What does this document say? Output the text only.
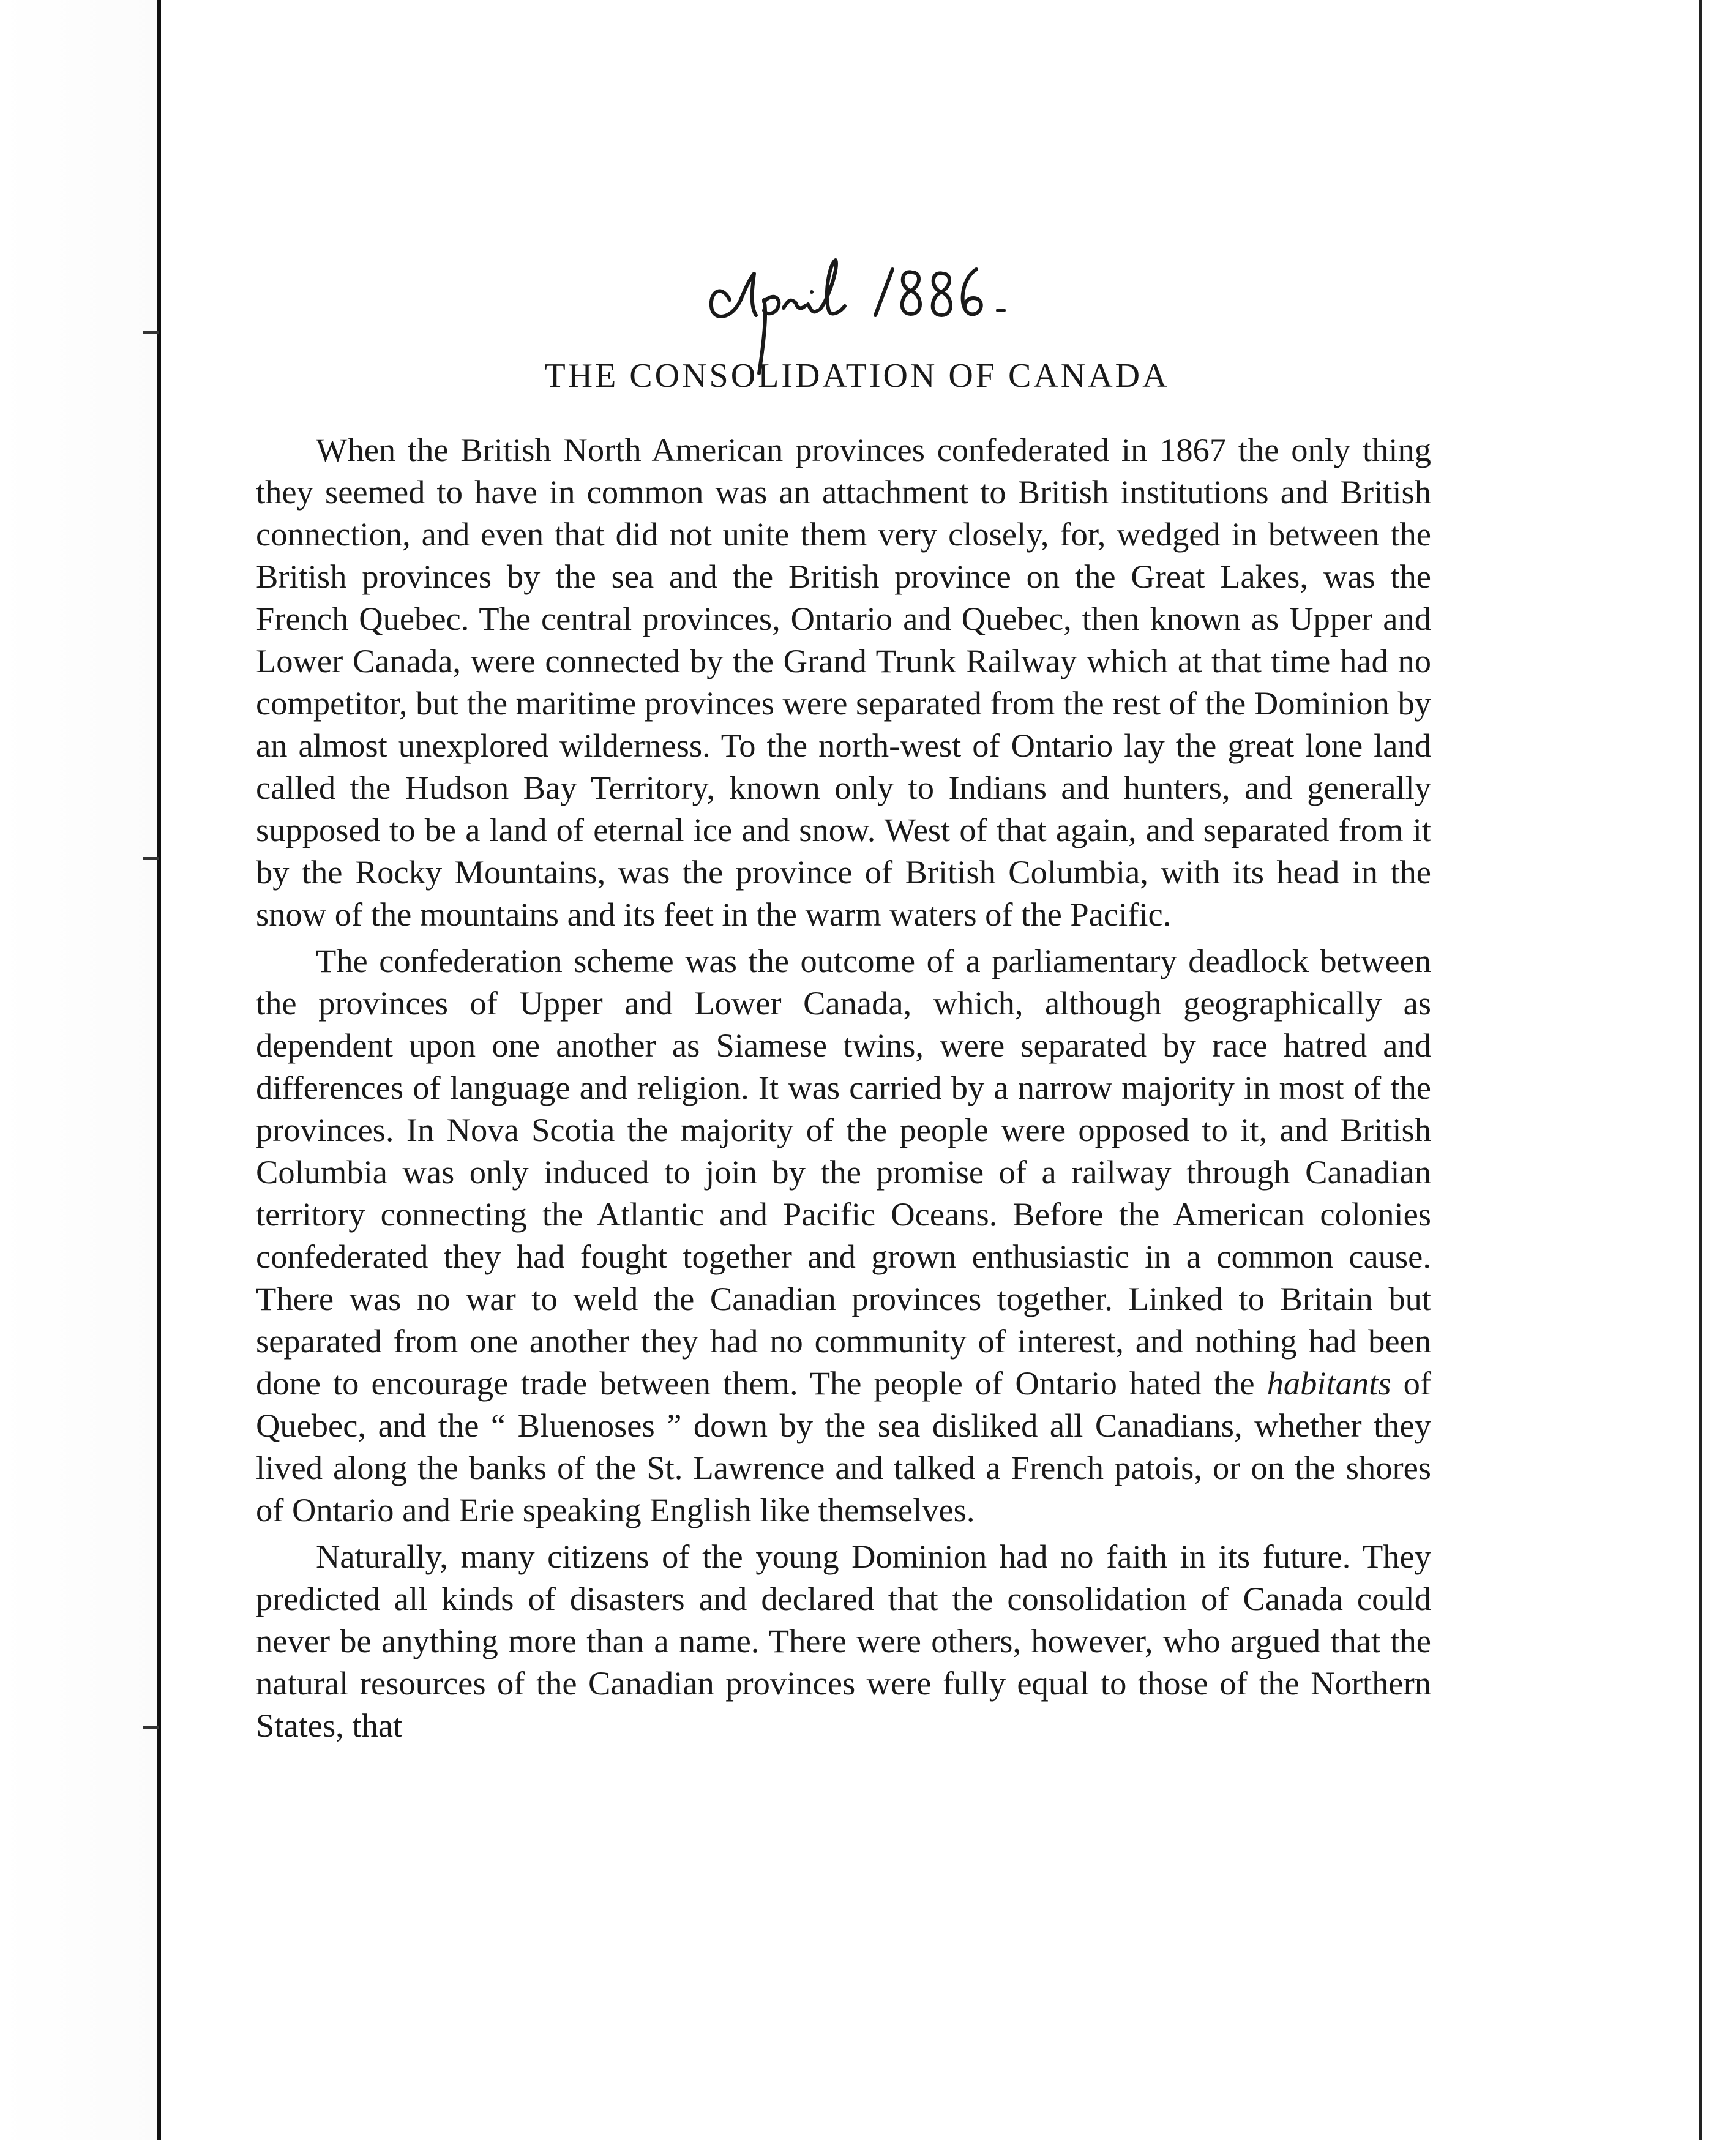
THE CONSOLIDATION OF CANADA

When the British North American provinces confederated in 1867 the only thing they seemed to have in common was an attachment to British institutions and British connection, and even that did not unite them very closely, for, wedged in between the British provinces by the sea and the British province on the Great Lakes, was the French Quebec. The central provinces, Ontario and Quebec, then known as Upper and Lower Canada, were connected by the Grand Trunk Railway which at that time had no competitor, but the maritime provinces were separated from the rest of the Dominion by an almost unexplored wilderness. To the north-west of Ontario lay the great lone land called the Hudson Bay Territory, known only to Indians and hunters, and generally supposed to be a land of eternal ice and snow. West of that again, and separated from it by the Rocky Mountains, was the province of British Columbia, with its head in the snow of the mountains and its feet in the warm waters of the Pacific.

The confederation scheme was the outcome of a parliamentary deadlock between the provinces of Upper and Lower Canada, which, although geographically as dependent upon one another as Siamese twins, were separated by race hatred and differences of language and religion. It was carried by a narrow majority in most of the provinces. In Nova Scotia the majority of the people were opposed to it, and British Columbia was only induced to join by the promise of a railway through Canadian territory connecting the Atlantic and Pacific Oceans. Before the American colonies confederated they had fought together and grown enthusiastic in a common cause. There was no war to weld the Canadian provinces together. Linked to Britain but separated from one another they had no community of interest, and nothing had been done to encourage trade between them. The people of Ontario hated the habitants of Quebec, and the “ Bluenoses ” down by the sea disliked all Canadians, whether they lived along the banks of the St. Lawrence and talked a French patois, or on the shores of Ontario and Erie speaking English like themselves.

Naturally, many citizens of the young Dominion had no faith in its future. They predicted all kinds of disasters and declared that the consolidation of Canada could never be anything more than a name. There were others, however, who argued that the natural resources of the Canadian provinces were fully equal to those of the Northern States, that
